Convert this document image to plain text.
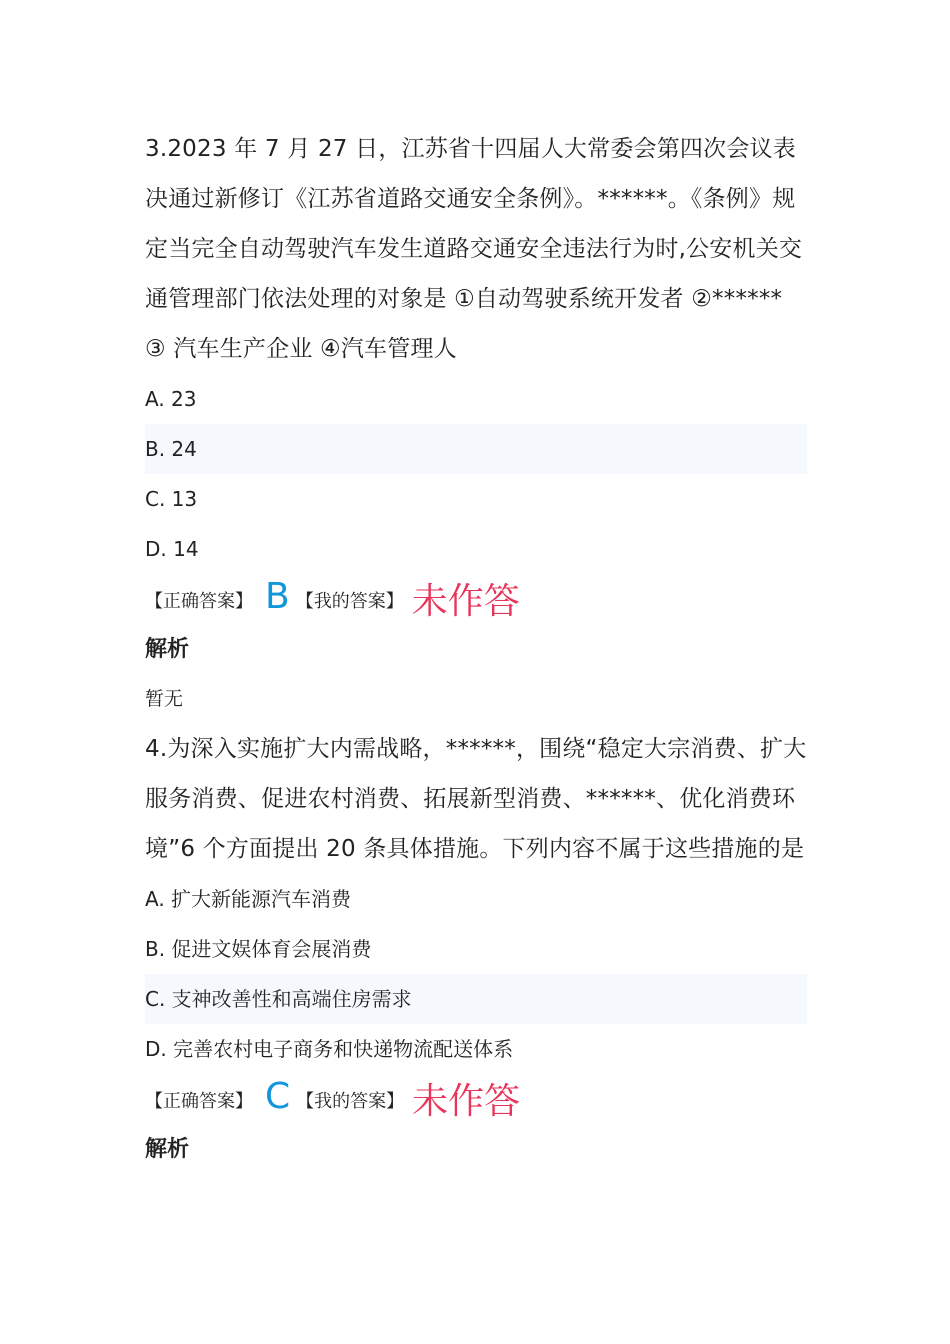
3.2023 年 7 月 27 日，江苏省十四届人大常委会第四次会议表决通过新修订《江苏省道路交通安全条例》。******。《条例》规定当完全自动驾驶汽车发生道路交通安全违法行为时,公安机关交通管理部门依法处理的对象是 ①自动驾驶系统开发者 ②****** ③ 汽车生产企业 ④汽车管理人

A. 23
B. 24
C. 13
D. 14
【正确答案】 B 【我的答案】 未作答
解析
暂无

4.为深入实施扩大内需战略，******，围绕“稳定大宗消费、扩大服务消费、促进农村消费、拓展新型消费、******、优化消费环境”6 个方面提出 20 条具体措施。下列内容不属于这些措施的是

A. 扩大新能源汽车消费
B. 促进文娱体育会展消费
C. 支神改善性和高端住房需求
D. 完善农村电子商务和快递物流配送体系
【正确答案】 C 【我的答案】 未作答
解析
